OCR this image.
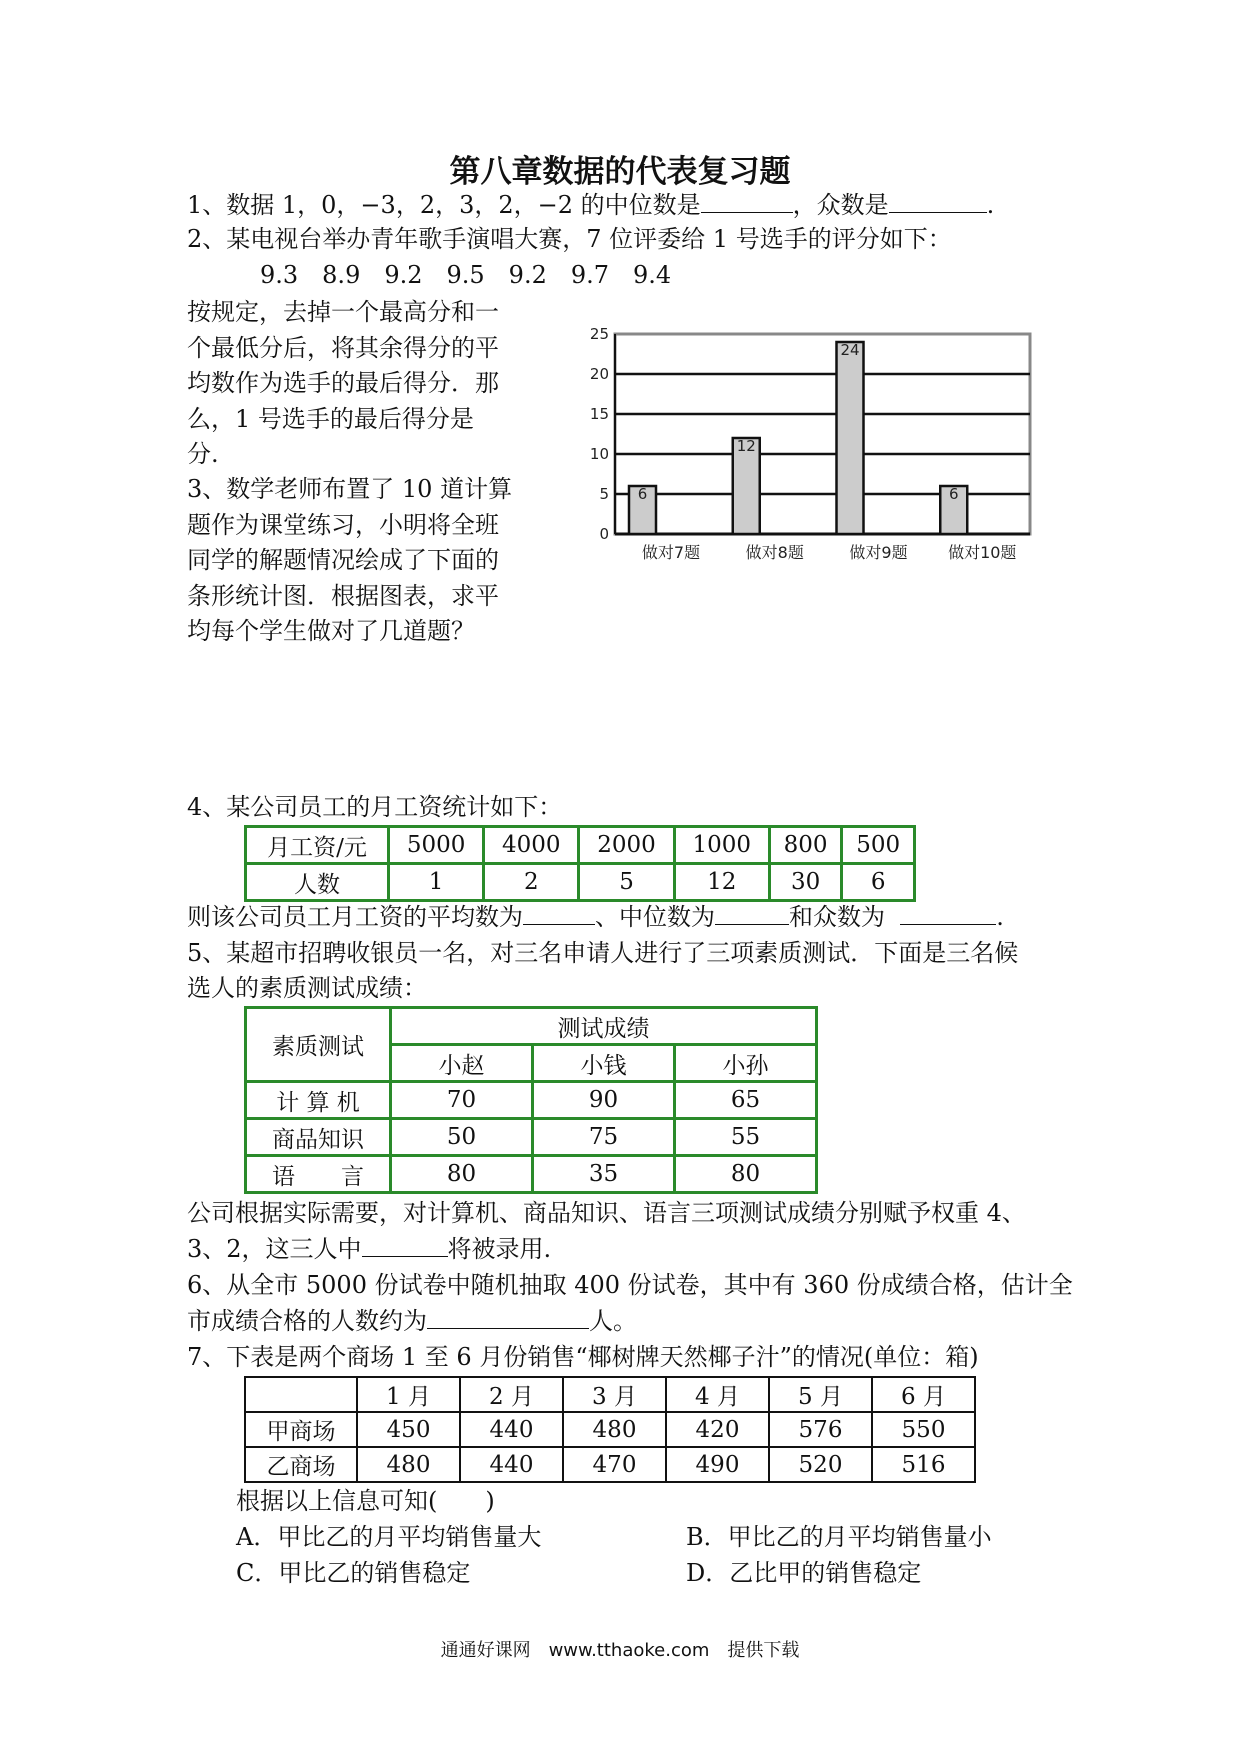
第八章数据的代表复习题
1、数据 1，0，−3，2，3，2，−2 的中位数是	，众数是	.
2、某电视台举办青年歌手演唱大赛，7 位评委给 1 号选手的评分如下：
9.3　8.9　9.2　9.5　9.2　9.7　9.4
按规定，去掉一个最高分和一
个最低分后，将其余得分的平
均数作为选手的最后得分．那
么，1 号选手的最后得分是
分.
3、数学老师布置了 10 道计算
题作为课堂练习，小明将全班
同学的解题情况绘成了下面的
条形统计图．根据图表，求平
均每个学生做对了几道题？
0
5
10
15
20
25
6
做对7题
12
做对8题
24
做对9题
6
做对10题
4、某公司员工的月工资统计如下：
月工资/元	5000	4000	2000	1000	800	500
人数	1	2	5	12	30	6
则该公司员工月工资的平均数为	、中位数为	和众数为	.
5、某超市招聘收银员一名，对三名申请人进行了三项素质测试．下面是三名候
选人的素质测试成绩：
素质测试	测试成绩		
	小赵	小钱	小孙
计 算 机	70	90	65
商品知识	50	75	55
语　　言	80	35	80
公司根据实际需要，对计算机、商品知识、语言三项测试成绩分别赋予权重 4、
3、2，这三人中	将被录用.
6、从全市 5000 份试卷中随机抽取 400 份试卷，其中有 360 份成绩合格，估计全
市成绩合格的人数约为	人。
7、下表是两个商场 1 至 6 月份销售“椰树牌天然椰子汁”的情况(单位：箱)
	1 月	2 月	3 月	4 月	5 月	6 月
甲商场	450	440	480	420	576	550
乙商场	480	440	470	490	520	516
根据以上信息可知(　　)
A．甲比乙的月平均销售量大	B．甲比乙的月平均销售量小
C．甲比乙的销售稳定	D．乙比甲的销售稳定
通通好课网　www.tthaoke.com　提供下载
